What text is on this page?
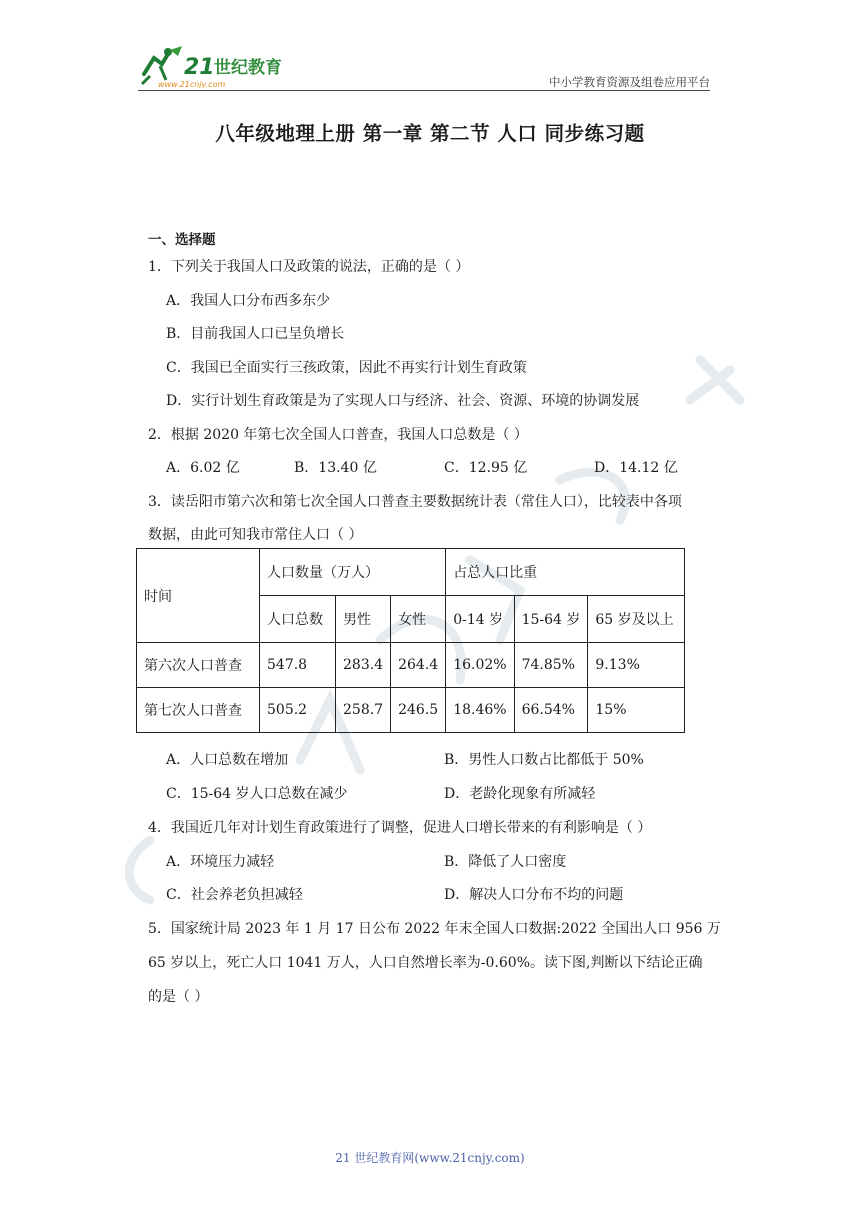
21 世纪教育
www.21cnjy.com	中小学教育资源及组卷应用平台
八年级地理上册 第一章 第二节 人口 同步练习题
一、选择题
1．下列关于我国人口及政策的说法，正确的是（ ）
A．我国人口分布西多东少
B．目前我国人口已呈负增长
C．我国已全面实行三孩政策，因此不再实行计划生育政策
D．实行计划生育政策是为了实现人口与经济、社会、资源、环境的协调发展
2．根据 2020 年第七次全国人口普查，我国人口总数是（ ）
A．6.02 亿	B．13.40 亿	C．12.95 亿	D．14.12 亿
3．读岳阳市第六次和第七次全国人口普查主要数据统计表（常住人口），比较表中各项
数据，由此可知我市常住人口（ ）
时间	人口数量（万人）			占总人口比重		
	人口总数	男性	女性	0-14 岁	15-64 岁	65 岁及以上
第六次人口普查	547.8	283.4	264.4	16.02%	74.85%	9.13%
第七次人口普查	505.2	258.7	246.5	18.46%	66.54%	15%
A．人口总数在增加	B．男性人口数占比都低于 50%
C．15-64 岁人口总数在减少	D．老龄化现象有所减轻
4．我国近几年对计划生育政策进行了调整，促进人口增长带来的有利影响是（ ）
A．环境压力减轻	B．降低了人口密度
C．社会养老负担减轻	D．解决人口分布不均的问题
5．国家统计局 2023 年 1 月 17 日公布 2022 年末全国人口数据:2022 全国出人口 956 万
65 岁以上，死亡人口 1041 万人，人口自然增长率为-0.60%。读下图,判断以下结论正确
的是（ ）
21 世纪教育网(www.21cnjy.com)
